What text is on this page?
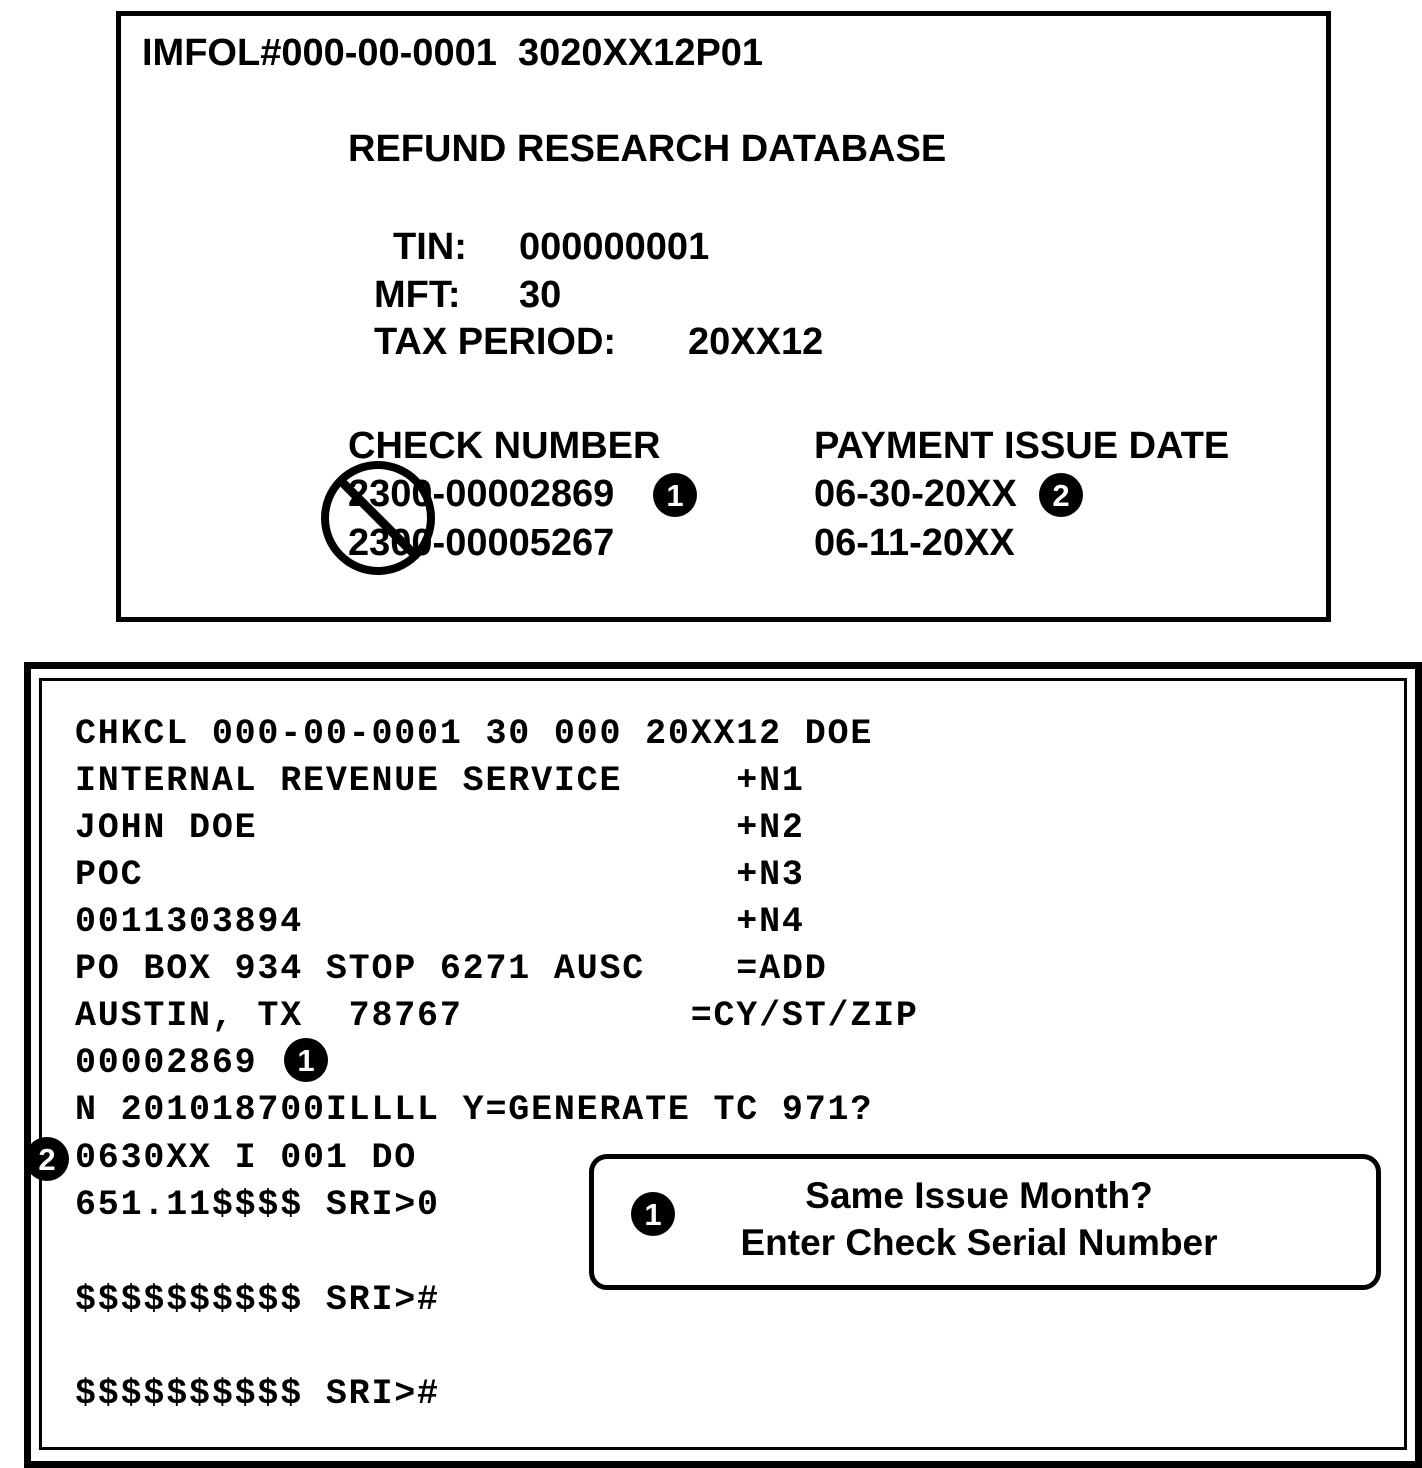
IMFOL#000-00-0001  3020XX12P01
REFUND RESEARCH DATABASE
TIN: 000000001
MFT: 30
TAX PERIOD: 20XX12
CHECK NUMBER	PAYMENT ISSUE DATE
2300-00002869	1	06-30-20XX	2
2300-00005267	06-11-20XX
CHKCL 000-00-0001 30 000 20XX12 DOE
INTERNAL REVENUE SERVICE     +N1
JOHN DOE                     +N2
POC                          +N3
0011303894                   +N4
PO BOX 934 STOP 6271 AUSC    =ADD
AUSTIN, TX  78767          =CY/ST/ZIP
00002869	1
N 201018700ILLLL Y=GENERATE TC 971?
2 0630XX I 001 DO
651.11$$$$ SRI>0
$$$$$$$$$$ SRI>#
$$$$$$$$$$ SRI>#
1	Same Issue Month?
Enter Check Serial Number
